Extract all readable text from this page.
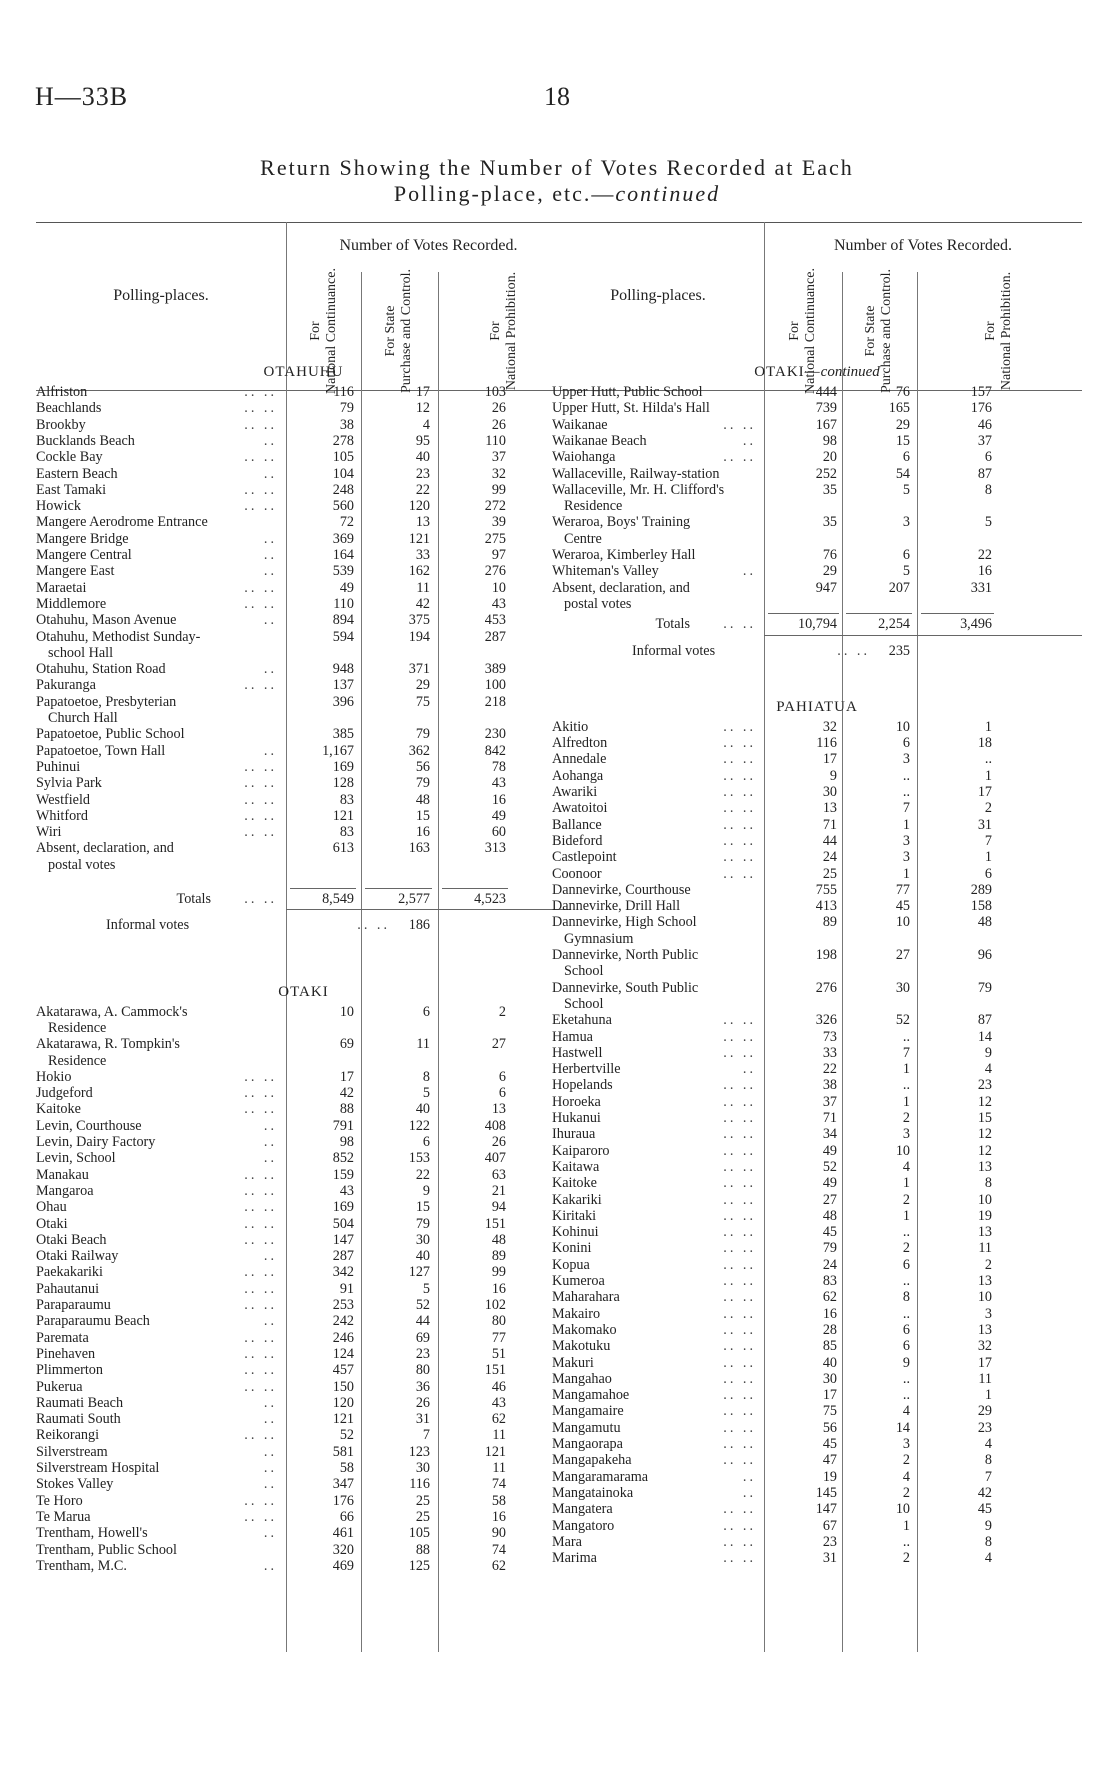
H—33B	18
Return Showing the Number of Votes Recorded at Each
Polling-place, etc.—continued
Number of Votes Recorded.
Polling-places.
For
National Continuance.	For State
Purchase and Control.	For
National Prohibition.
OTAHUHU
Alfriston	.. ..	116	17	103
Beachlands	.. ..	79	12	26
Brookby	.. ..	38	4	26
Bucklands Beach	..	278	95	110
Cockle Bay	.. ..	105	40	37
Eastern Beach	..	104	23	32
East Tamaki	.. ..	248	22	99
Howick	.. ..	560	120	272
Mangere Aerodrome Entrance	72	13	39
Mangere Bridge	..	369	121	275
Mangere Central	..	164	33	97
Mangere East	..	539	162	276
Maraetai	.. ..	49	11	10
Middlemore	.. ..	110	42	43
Otahuhu, Mason Avenue	..	894	375	453
Otahuhu, Methodist Sunday-	594	194	287
school Hall
Otahuhu, Station Road	..	948	371	389
Pakuranga	.. ..	137	29	100
Papatoetoe, Presbyterian	396	75	218
Church Hall
Papatoetoe, Public School	385	79	230
Papatoetoe, Town Hall	..	1,167	362	842
Puhinui	.. ..	169	56	78
Sylvia Park	.. ..	128	79	43
Westfield	.. ..	83	48	16
Whitford	.. ..	121	15	49
Wiri	.. ..	83	16	60
Absent, declaration, and	613	163	313
postal votes
Totals .. ..	8,549	2,577	4,523
Informal votes	.. .. 186
OTAKI
Akatarawa, A. Cammock's	10	6	2
Residence
Akatarawa, R. Tompkin's	69	11	27
Residence
Hokio	.. ..	17	8	6
Judgeford	.. ..	42	5	6
Kaitoke	.. ..	88	40	13
Levin, Courthouse	..	791	122	408
Levin, Dairy Factory	..	98	6	26
Levin, School	..	852	153	407
Manakau	.. ..	159	22	63
Mangaroa	.. ..	43	9	21
Ohau	.. ..	169	15	94
Otaki	.. ..	504	79	151
Otaki Beach	.. ..	147	30	48
Otaki Railway	..	287	40	89
Paekakariki	.. ..	342	127	99
Pahautanui	.. ..	91	5	16
Paraparaumu	.. ..	253	52	102
Paraparaumu Beach	..	242	44	80
Paremata	.. ..	246	69	77
Pinehaven	.. ..	124	23	51
Plimmerton	.. ..	457	80	151
Pukerua	.. ..	150	36	46
Raumati Beach	..	120	26	43
Raumati South	..	121	31	62
Reikorangi	.. ..	52	7	11
Silverstream	..	581	123	121
Silverstream Hospital	..	58	30	11
Stokes Valley	..	347	116	74
Te Horo	.. ..	176	25	58
Te Marua	.. ..	66	25	16
Trentham, Howell's	..	461	105	90
Trentham, Public School	320	88	74
Trentham, M.C.	..	469	125	62
Number of Votes Recorded.
Polling-places.
For
National Continuance.	For State
Purchase and Control.	For
National Prohibition.
OTAKI—continued
Upper Hutt, Public School	444	76	157
Upper Hutt, St. Hilda's Hall	739	165	176
Waikanae	.. ..	167	29	46
Waikanae Beach	..	98	15	37
Waiohanga	.. ..	20	6	6
Wallaceville, Railway-station	252	54	87
Wallaceville, Mr. H. Clifford's	35	5	8
Residence
Weraroa, Boys' Training	35	3	5
Centre
Weraroa, Kimberley Hall	76	6	22
Whiteman's Valley	..	29	5	16
Absent, declaration, and	947	207	331
postal votes
Totals .. ..	10,794	2,254	3,496
Informal votes	.. .. 235
PAHIATUA
Akitio	.. ..	32	10	1
Alfredton	.. ..	116	6	18
Annedale	.. ..	17	3	..
Aohanga	.. ..	9	..	1
Awariki	.. ..	30	..	17
Awatoitoi	.. ..	13	7	2
Ballance	.. ..	71	1	31
Bideford	.. ..	44	3	7
Castlepoint	.. ..	24	3	1
Coonoor	.. ..	25	1	6
Dannevirke, Courthouse	755	77	289
Dannevirke, Drill Hall	413	45	158
Dannevirke, High School	89	10	48
Gymnasium
Dannevirke, North Public	198	27	96
School
Dannevirke, South Public	276	30	79
School
Eketahuna	.. ..	326	52	87
Hamua	.. ..	73	..	14
Hastwell	.. ..	33	7	9
Herbertville	..	22	1	4
Hopelands	.. ..	38	..	23
Horoeka	.. ..	37	1	12
Hukanui	.. ..	71	2	15
Ihuraua	.. ..	34	3	12
Kaiparoro	.. ..	49	10	12
Kaitawa	.. ..	52	4	13
Kaitoke	.. ..	49	1	8
Kakariki	.. ..	27	2	10
Kiritaki	.. ..	48	1	19
Kohinui	.. ..	45	..	13
Konini	.. ..	79	2	11
Kopua	.. ..	24	6	2
Kumeroa	.. ..	83	..	13
Maharahara	.. ..	62	8	10
Makairo	.. ..	16	..	3
Makomako	.. ..	28	6	13
Makotuku	.. ..	85	6	32
Makuri	.. ..	40	9	17
Mangahao	.. ..	30	..	11
Mangamahoe	.. ..	17	..	1
Mangamaire	.. ..	75	4	29
Mangamutu	.. ..	56	14	23
Mangaorapa	.. ..	45	3	4
Mangapakeha	.. ..	47	2	8
Mangaramarama	..	19	4	7
Mangatainoka	..	145	2	42
Mangatera	.. ..	147	10	45
Mangatoro	.. ..	67	1	9
Mara	.. ..	23	..	8
Marima	.. ..	31	2	4
